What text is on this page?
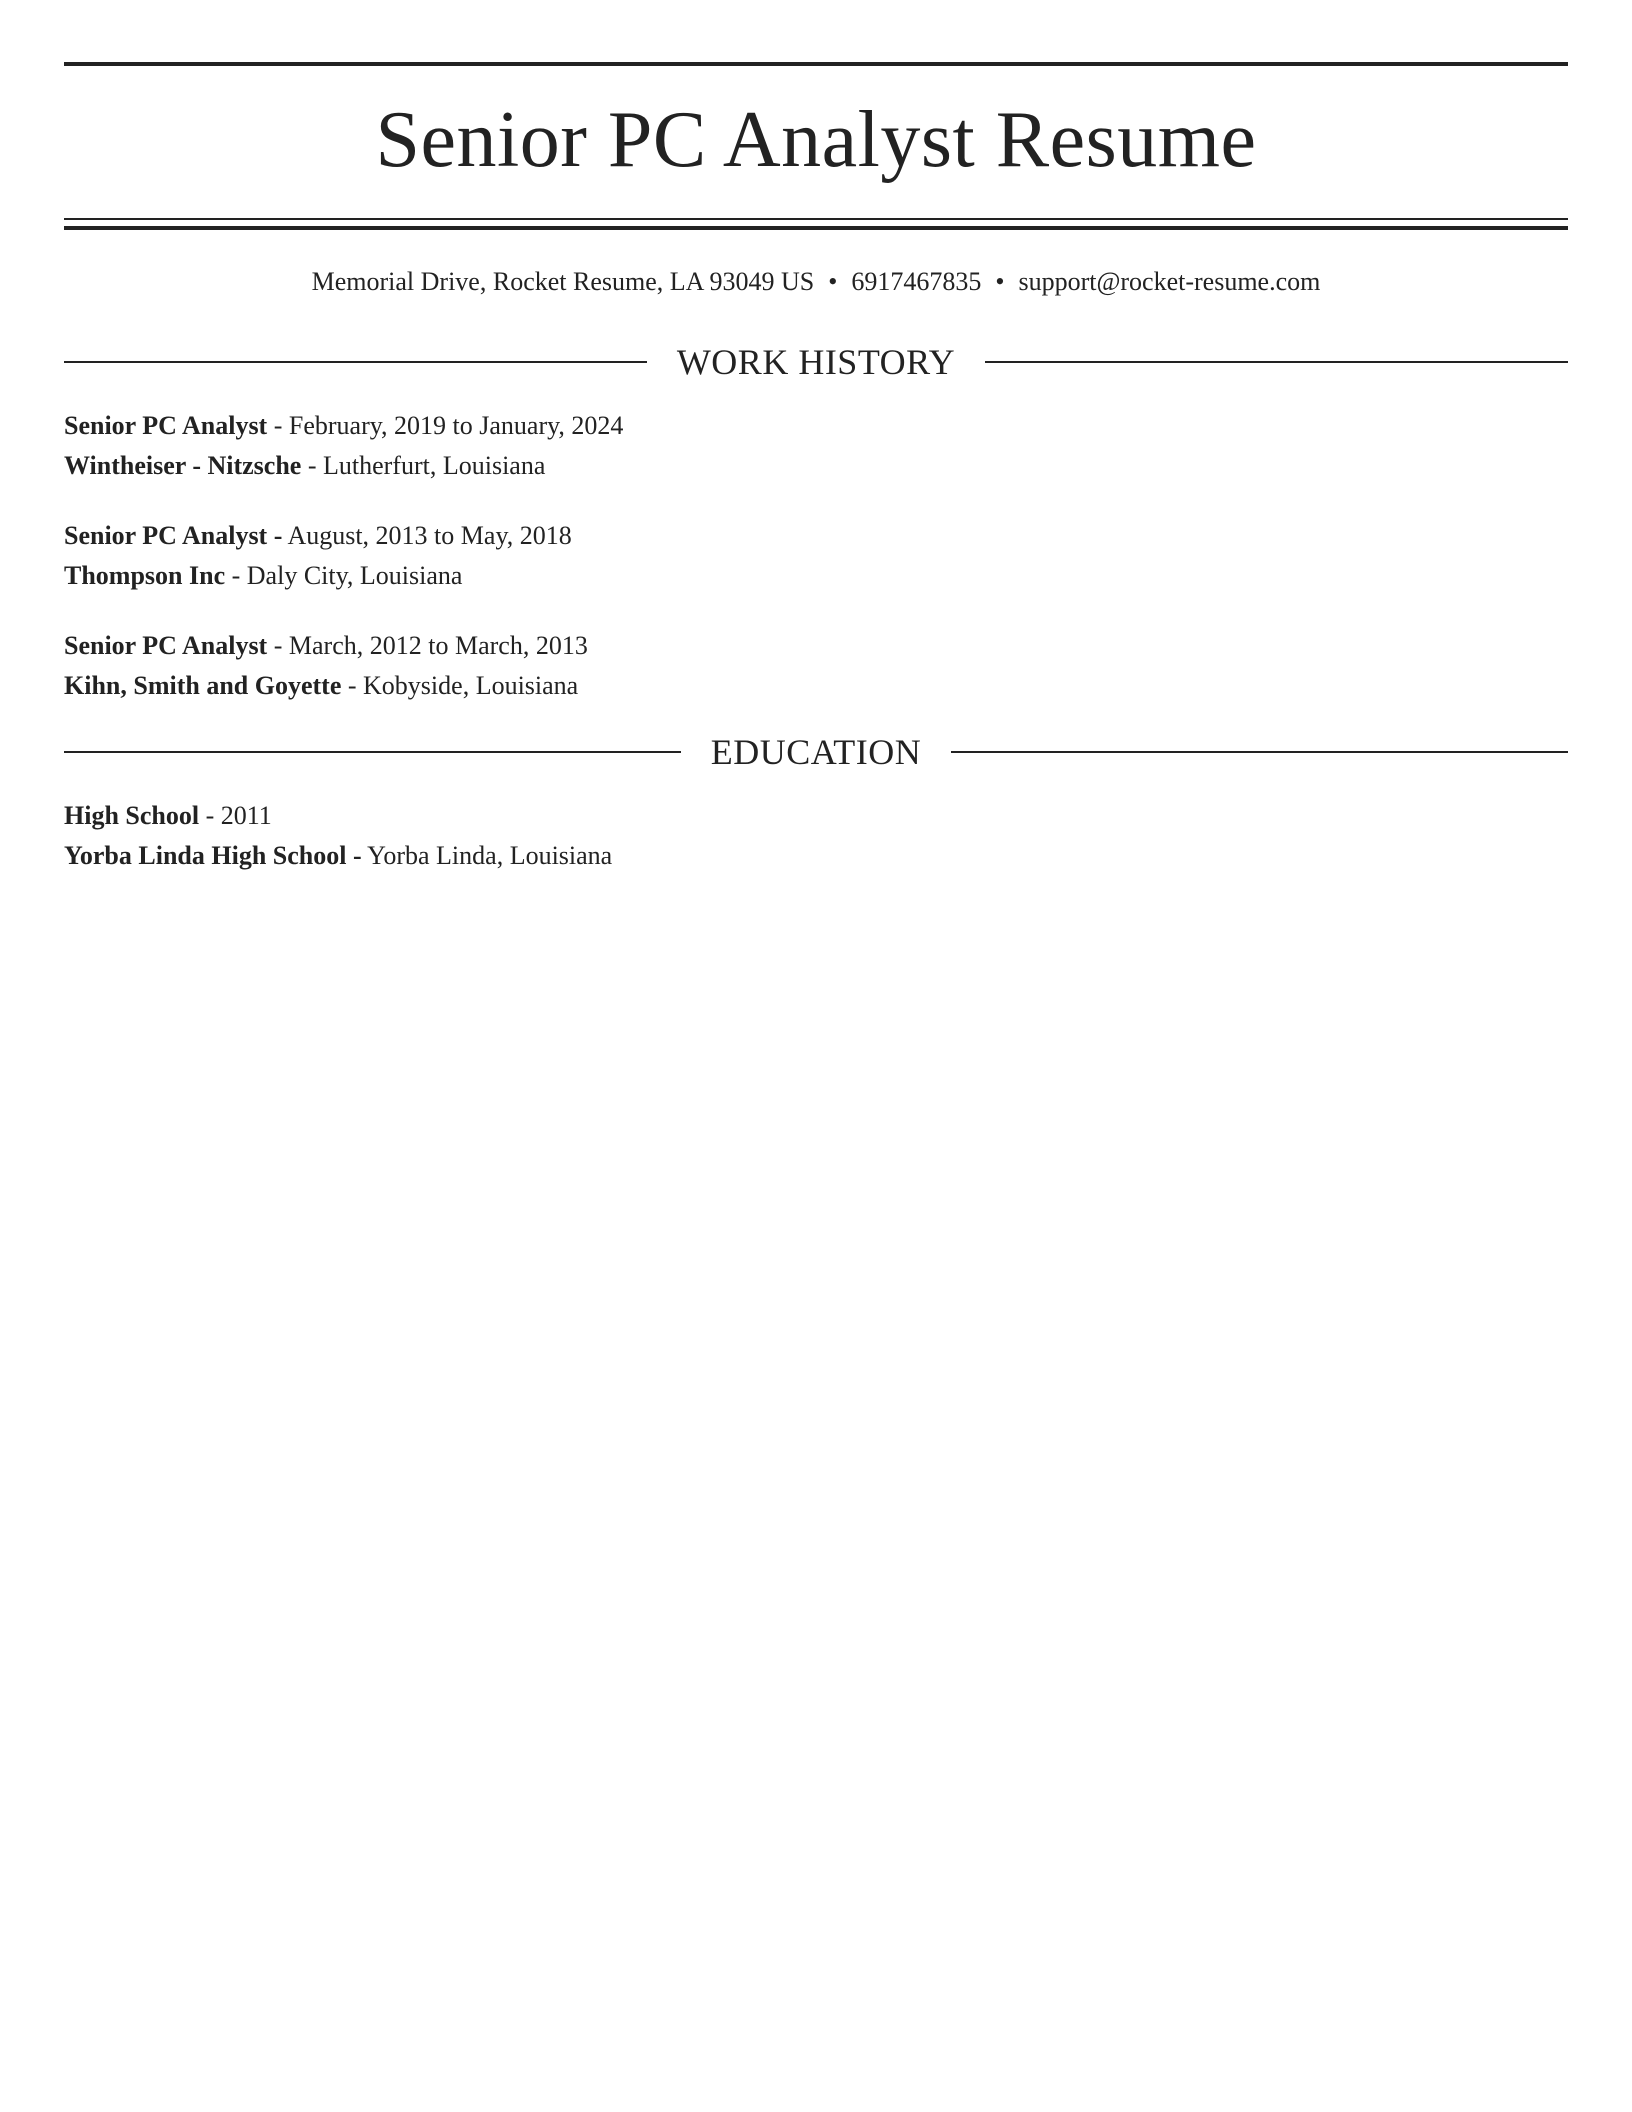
Senior PC Analyst Resume
Memorial Drive, Rocket Resume, LA 93049 US • 6917467835 • support@rocket-resume.com
WORK HISTORY
Senior PC Analyst - February, 2019 to January, 2024
Wintheiser - Nitzsche - Lutherfurt, Louisiana
Senior PC Analyst - August, 2013 to May, 2018
Thompson Inc - Daly City, Louisiana
Senior PC Analyst - March, 2012 to March, 2013
Kihn, Smith and Goyette - Kobyside, Louisiana
EDUCATION
High School - 2011
Yorba Linda High School - Yorba Linda, Louisiana
